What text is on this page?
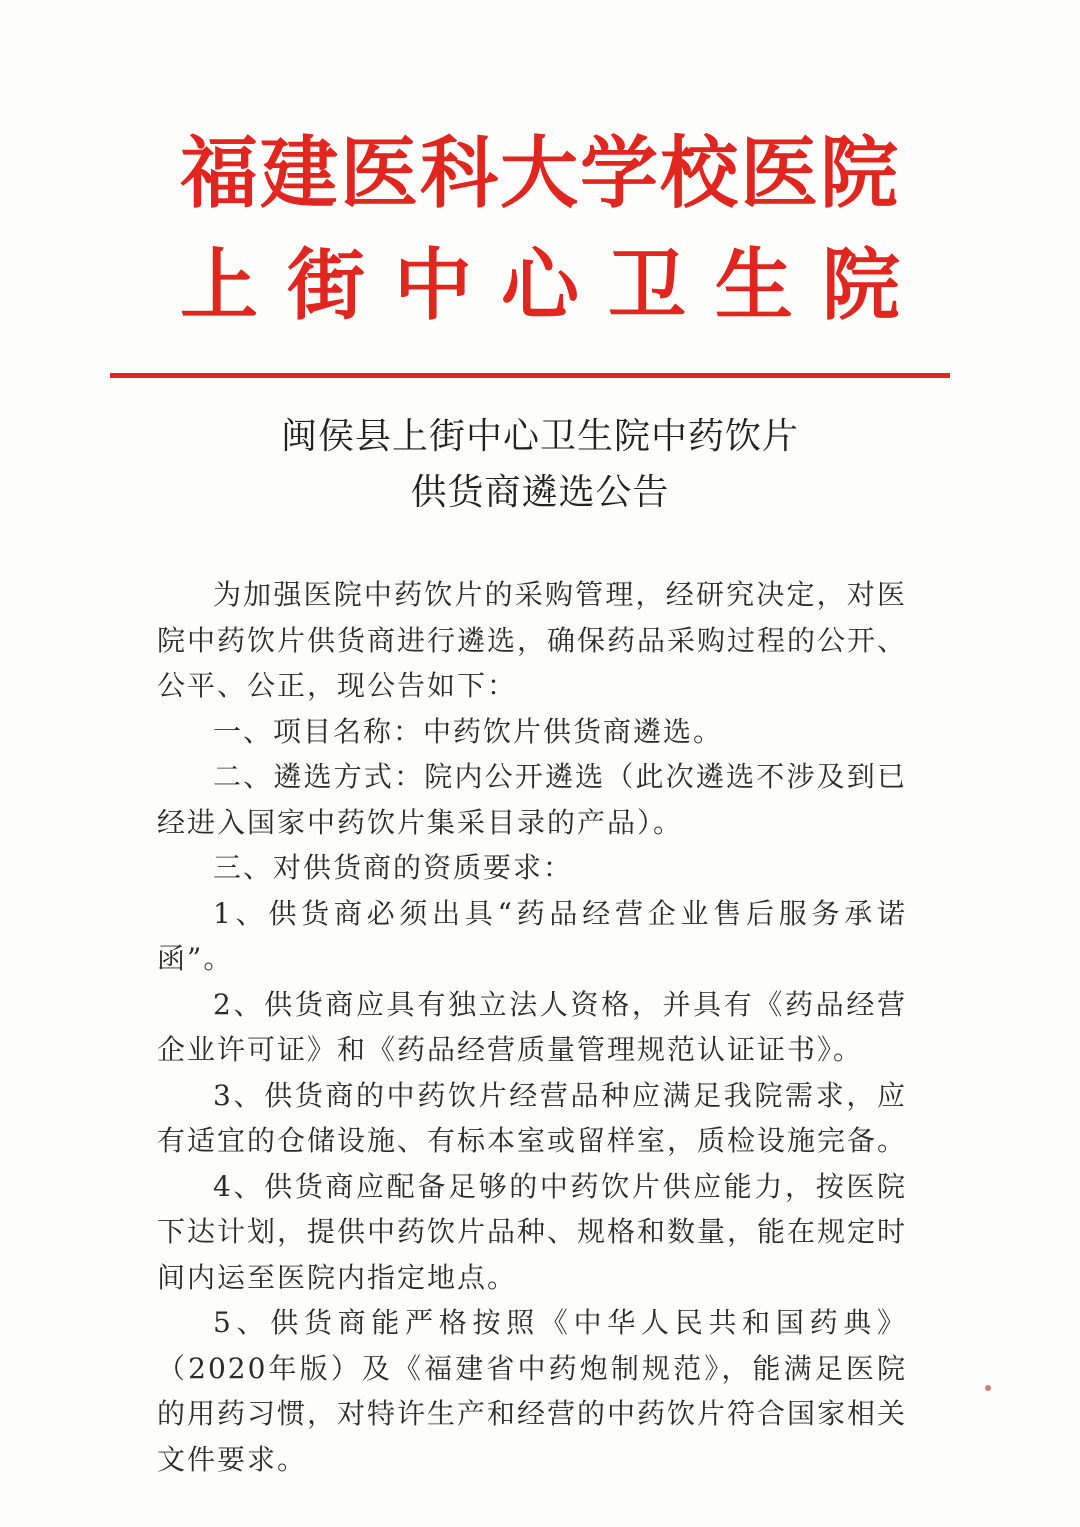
福建医科大学校医院
上 街 中 心 卫 生 院
闽侯县上街中心卫生院中药饮片
供货商遴选公告

为加强医院中药饮片的采购管理，经研究决定，对医院中药饮片供货商进行遴选，确保药品采购过程的公开、公平、公正，现公告如下：

一、项目名称：中药饮片供货商遴选。

二、遴选方式：院内公开遴选（此次遴选不涉及到已经进入国家中药饮片集采目录的产品）。

三、对供货商的资质要求：

1、供货商必须出具“药品经营企业售后服务承诺函”。

2、供货商应具有独立法人资格，并具有《药品经营企业许可证》和《药品经营质量管理规范认证证书》。

3、供货商的中药饮片经营品种应满足我院需求，应有适宜的仓储设施、有标本室或留样室，质检设施完备。

4、供货商应配备足够的中药饮片供应能力，按医院下达计划，提供中药饮片品种、规格和数量，能在规定时间内运至医院内指定地点。

5、供货商能严格按照《中华人民共和国药典》（2020年版）及《福建省中药炮制规范》，能满足医院的用药习惯，对特许生产和经营的中药饮片符合国家相关文件要求。
